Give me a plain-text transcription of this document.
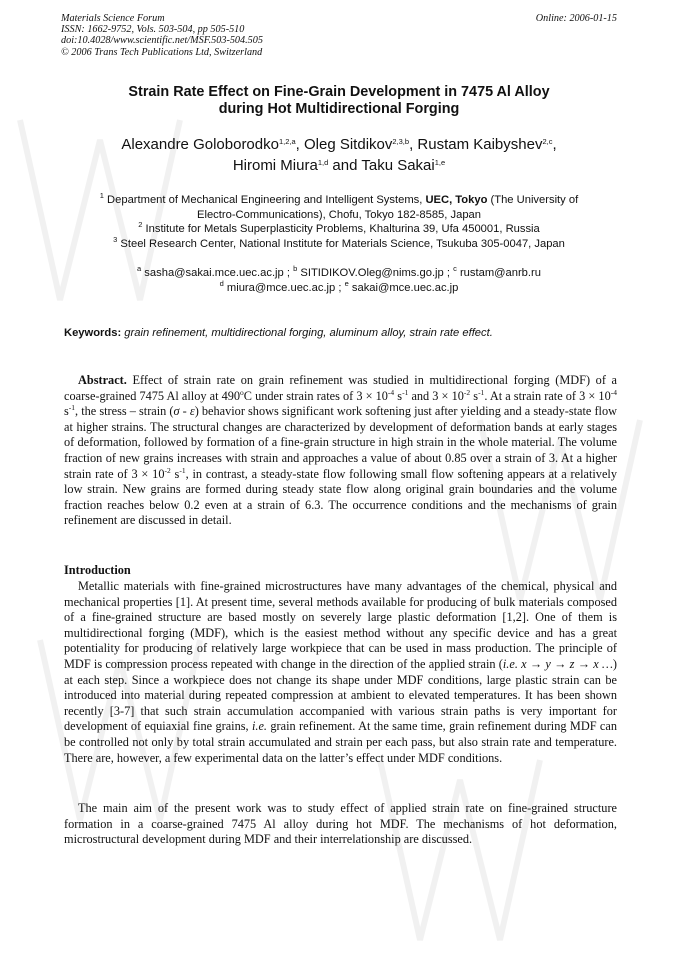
Materials Science Forum
ISSN: 1662-9752, Vols. 503-504, pp 505-510
doi:10.4028/www.scientific.net/MSF.503-504.505
© 2006 Trans Tech Publications Ltd, Switzerland
Online: 2006-01-15
Strain Rate Effect on Fine-Grain Development in 7475 Al Alloy
during Hot Multidirectional Forging
Alexandre Goloborodko$^{1,2,a}$, Oleg Sitdikov$^{2,3,b}$, Rustam Kaibyshev$^{2,c}$,
Hiromi Miura$^{1,d}$ and Taku Sakai$^{1,e}$
$^1$ Department of Mechanical Engineering and Intelligent Systems, UEC, Tokyo (The University of
Electro-Communications), Chofu, Tokyo 182-8585, Japan
$^2$ Institute for Metals Superplasticity Problems, Khalturina 39, Ufa 450001, Russia
$^3$ Steel Research Center, National Institute for Materials Science, Tsukuba 305-0047, Japan
$^a$ sasha@sakai.mce.uec.ac.jp ; $^b$ SITIDIKOV.Oleg@nims.go.jp ; $^c$ rustam@anrb.ru
$^d$ miura@mce.uec.ac.jp ; $^e$ sakai@mce.uec.ac.jp
Keywords: grain refinement, multidirectional forging, aluminum alloy, strain rate effect.

Abstract. Effect of strain rate on grain refinement was studied in multidirectional forging (MDF) of a coarse-grained 7475 Al alloy at 490$^o$C under strain rates of $3 \times 10^{-4}$ $s^{-1}$ and $3 \times 10^{-2}$ $s^{-1}$. At a strain rate of $3 \times 10^{-4}$ $s^{-1}$, the stress – strain (σ - ε) behavior shows significant work softening just after yielding and a steady-state flow at higher strains. The structural changes are characterized by development of deformation bands at early stages of deformation, followed by formation of a fine-grain structure in high strain in the whole material. The volume fraction of new grains increases with strain and approaches a value of about 0.85 over a strain of 3. At a higher strain rate of $3 \times 10^{-2}$ $s^{-1}$, in contrast, a steady-state flow following small flow softening appears at a relatively low strain. New grains are formed during steady state flow along original grain boundaries and the volume fraction reaches below 0.2 even at a strain of 6.3. The occurrence conditions and the mechanisms of grain refinement are discussed in detail.

Introduction

Metallic materials with fine-grained microstructures have many advantages of the chemical, physical and mechanical properties [1]. At present time, several methods available for producing of bulk materials composed of a fine-grained structure are based mostly on severely large plastic deformation [1,2]. One of them is multidirectional forging (MDF), which is the easiest method without any specific device and has a great potentiality for producing of relatively large workpiece that can be used in mass production. The principle of MDF is compression process repeated with change in the direction of the applied strain (i.e. x → y → z → x …) at each step. Since a workpiece does not change its shape under MDF conditions, large plastic strain can be introduced into material during repeated compression at ambient to elevated temperatures. It has been shown recently [3-7] that such strain accumulation accompanied with various strain paths is very important for development of equiaxial fine grains, i.e. grain refinement. At the same time, grain refinement during MDF can be controlled not only by total strain accumulated and strain per each pass, but also strain rate and temperature. There are, however, a few experimental data on the latter’s effect under MDF conditions.

The main aim of the present work was to study effect of applied strain rate on fine-grained structure formation in a coarse-grained 7475 Al alloy during hot MDF. The mechanisms of hot deformation, microstructural development during MDF and their interrelationship are discussed.
